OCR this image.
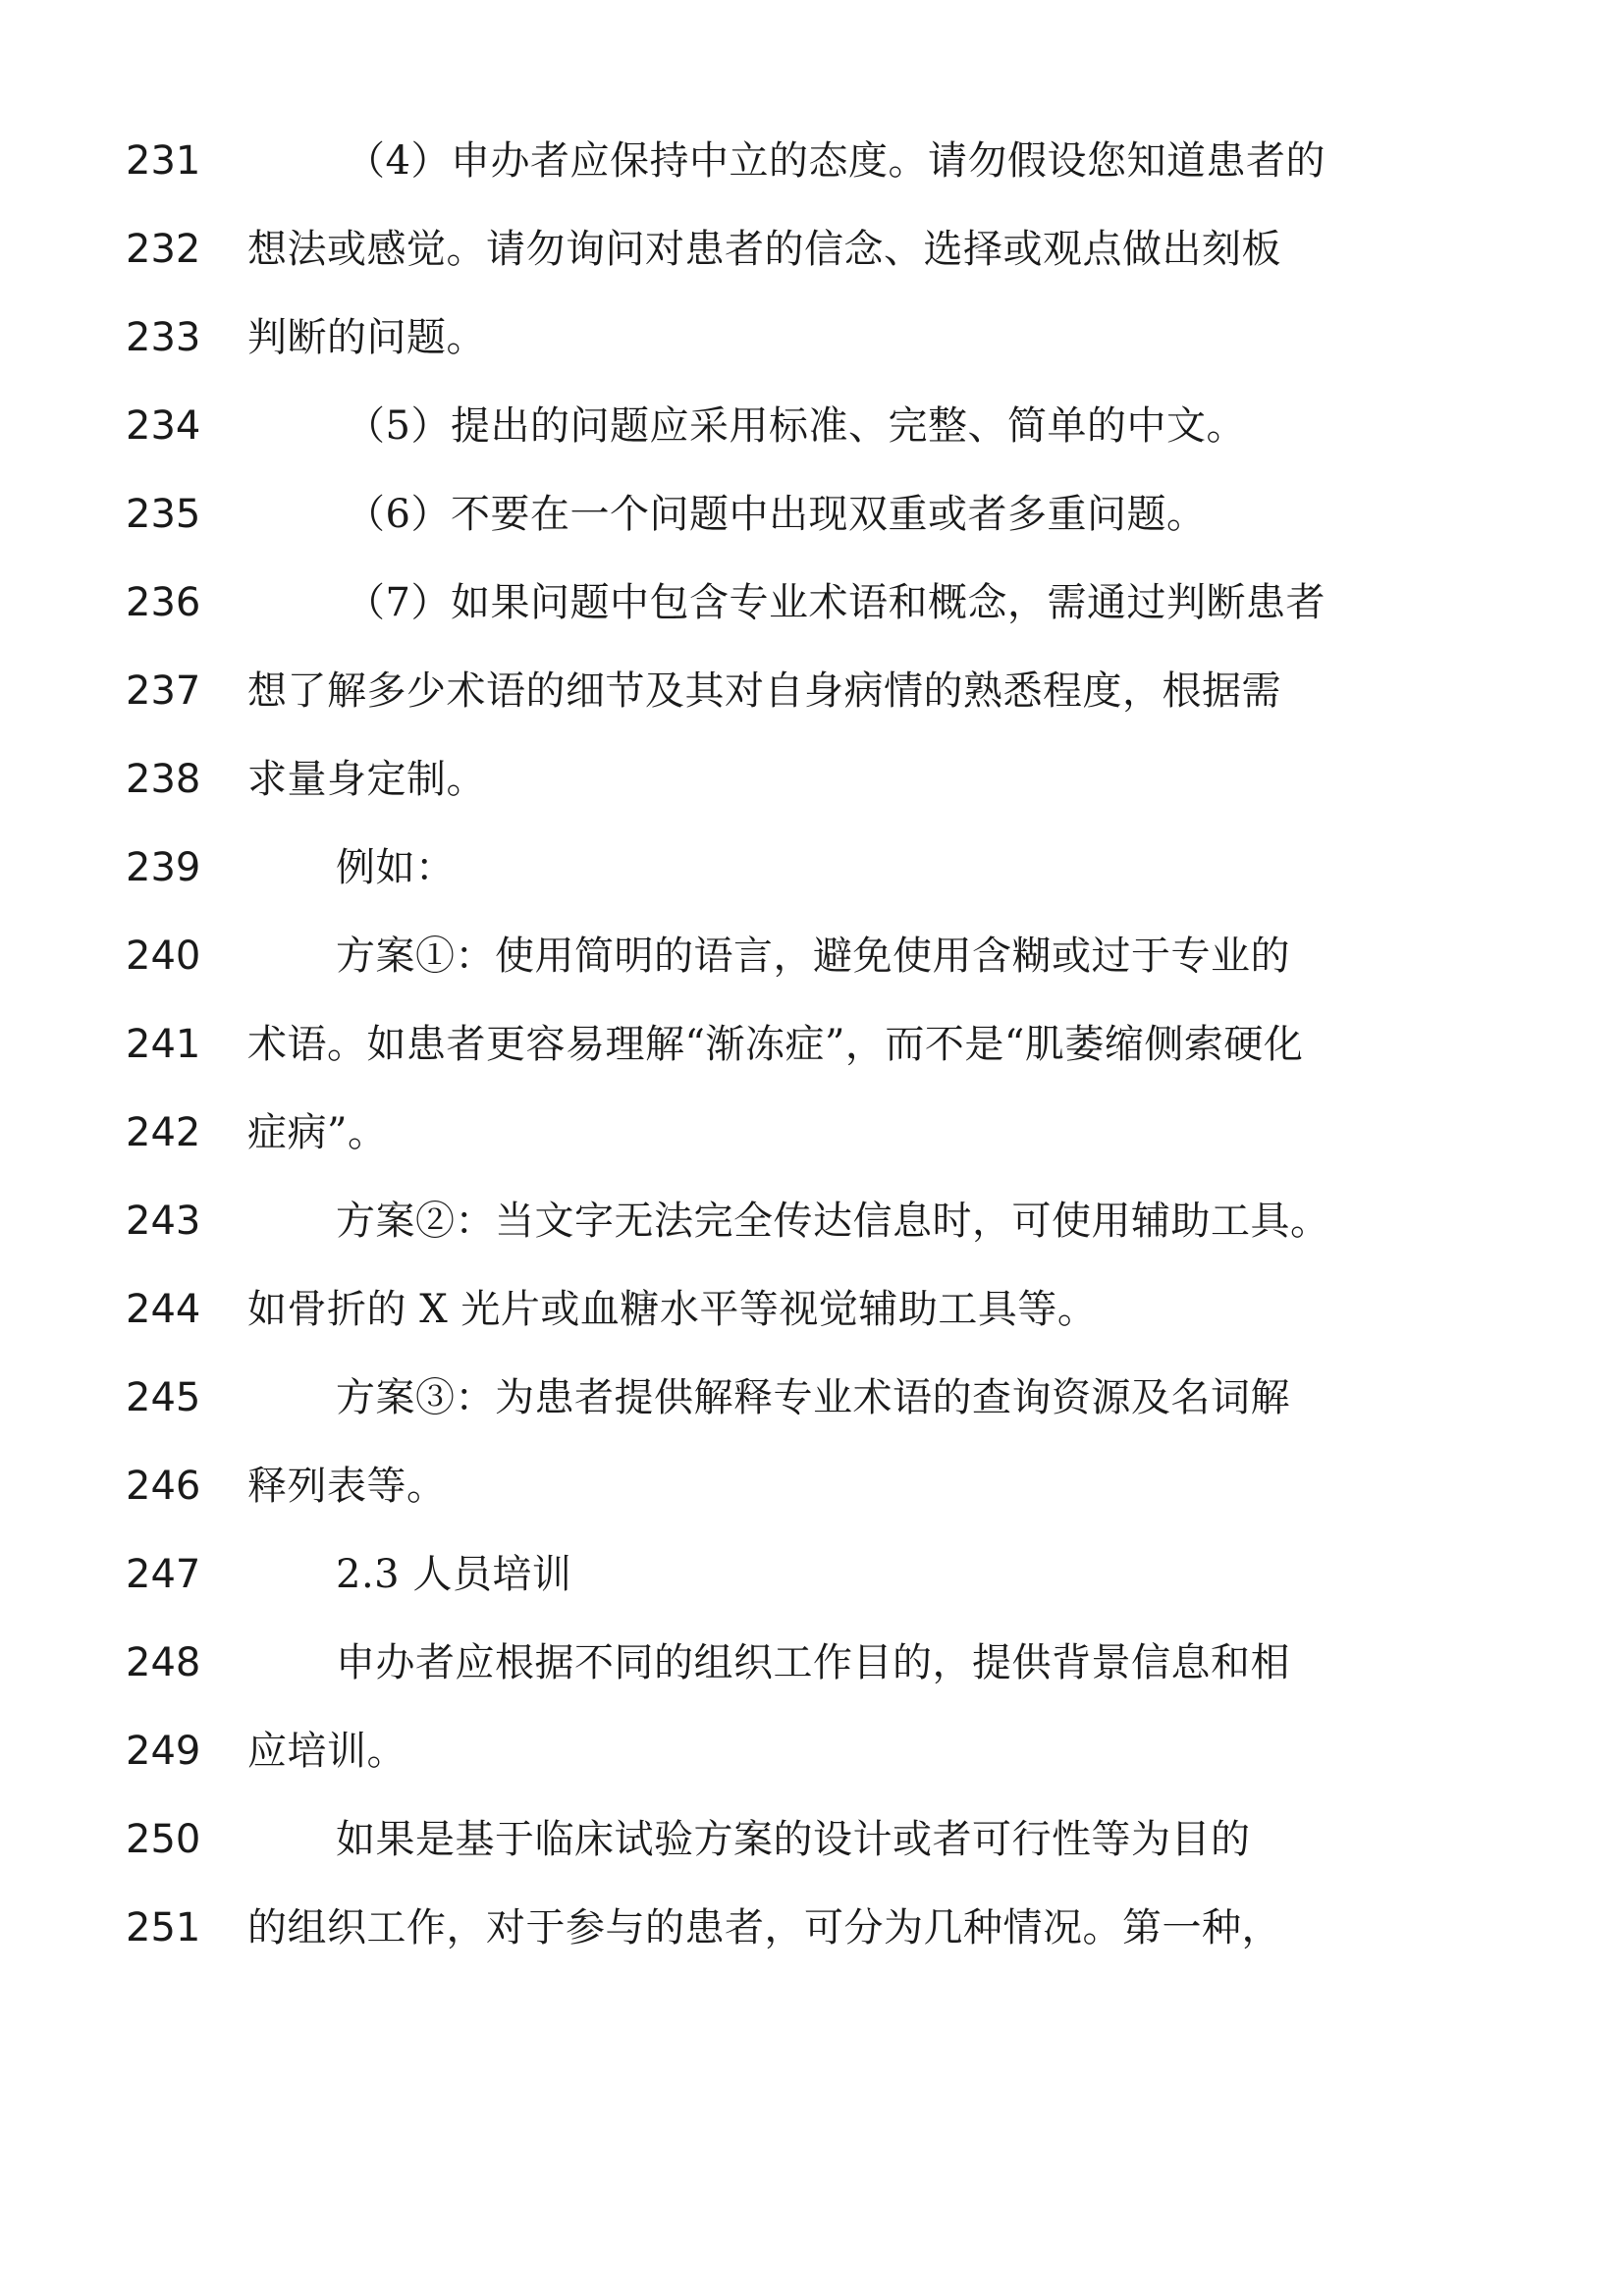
231	（4）申办者应保持中立的态度。请勿假设您知道患者的
232	想法或感觉。请勿询问对患者的信念、选择或观点做出刻板
233	判断的问题。
234	（5）提出的问题应采用标准、完整、简单的中文。
235	（6）不要在一个问题中出现双重或者多重问题。
236	（7）如果问题中包含专业术语和概念，需通过判断患者
237	想了解多少术语的细节及其对自身病情的熟悉程度，根据需
238	求量身定制。
239	例如：
240	方案①：使用简明的语言，避免使用含糊或过于专业的
241	术语。如患者更容易理解“渐冻症”，而不是“肌萎缩侧索硬化
242	症病”。
243	方案②：当文字无法完全传达信息时，可使用辅助工具。
244	如骨折的 X 光片或血糖水平等视觉辅助工具等。
245	方案③：为患者提供解释专业术语的查询资源及名词解
246	释列表等。
247	2.3 人员培训
248	申办者应根据不同的组织工作目的，提供背景信息和相
249	应培训。
250	如果是基于临床试验方案的设计或者可行性等为目的
251	的组织工作，对于参与的患者，可分为几种情况。第一种，
